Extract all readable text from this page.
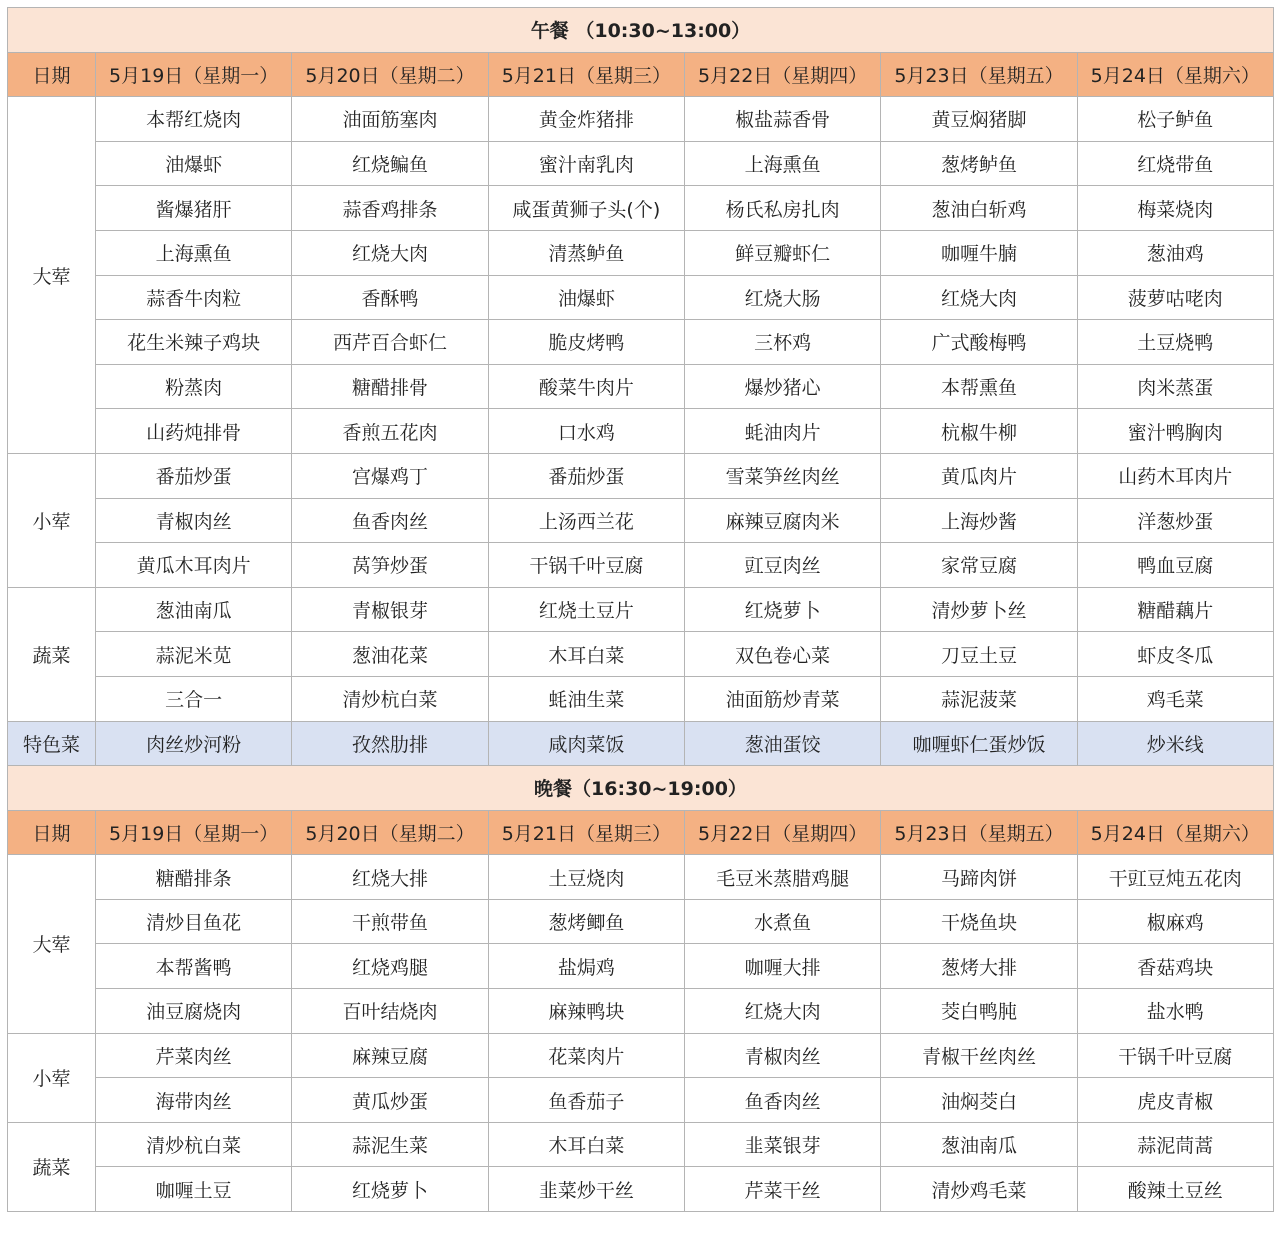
午餐 （10:30~13:00）						
日期	5月19日（星期一）	5月20日（星期二）	5月21日（星期三）	5月22日（星期四）	5月23日（星期五）	5月24日（星期六）
大荤	本帮红烧肉	油面筋塞肉	黄金炸猪排	椒盐蒜香骨	黄豆焖猪脚	松子鲈鱼
	油爆虾	红烧鳊鱼	蜜汁南乳肉	上海熏鱼	葱烤鲈鱼	红烧带鱼
	酱爆猪肝	蒜香鸡排条	咸蛋黄狮子头(个)	杨氏私房扎肉	葱油白斩鸡	梅菜烧肉
	上海熏鱼	红烧大肉	清蒸鲈鱼	鲜豆瓣虾仁	咖喱牛腩	葱油鸡
	蒜香牛肉粒	香酥鸭	油爆虾	红烧大肠	红烧大肉	菠萝咕咾肉
	花生米辣子鸡块	西芹百合虾仁	脆皮烤鸭	三杯鸡	广式酸梅鸭	土豆烧鸭
	粉蒸肉	糖醋排骨	酸菜牛肉片	爆炒猪心	本帮熏鱼	肉米蒸蛋
	山药炖排骨	香煎五花肉	口水鸡	蚝油肉片	杭椒牛柳	蜜汁鸭胸肉
小荤	番茄炒蛋	宫爆鸡丁	番茄炒蛋	雪菜笋丝肉丝	黄瓜肉片	山药木耳肉片
	青椒肉丝	鱼香肉丝	上汤西兰花	麻辣豆腐肉米	上海炒酱	洋葱炒蛋
	黄瓜木耳肉片	莴笋炒蛋	干锅千叶豆腐	豇豆肉丝	家常豆腐	鸭血豆腐
蔬菜	葱油南瓜	青椒银芽	红烧土豆片	红烧萝卜	清炒萝卜丝	糖醋藕片
	蒜泥米苋	葱油花菜	木耳白菜	双色卷心菜	刀豆土豆	虾皮冬瓜
	三合一	清炒杭白菜	蚝油生菜	油面筋炒青菜	蒜泥菠菜	鸡毛菜
特色菜	肉丝炒河粉	孜然肋排	咸肉菜饭	葱油蛋饺	咖喱虾仁蛋炒饭	炒米线
晚餐（16:30~19:00）						
日期	5月19日（星期一）	5月20日（星期二）	5月21日（星期三）	5月22日（星期四）	5月23日（星期五）	5月24日（星期六）
大荤	糖醋排条	红烧大排	土豆烧肉	毛豆米蒸腊鸡腿	马蹄肉饼	干豇豆炖五花肉
	清炒目鱼花	干煎带鱼	葱烤鲫鱼	水煮鱼	干烧鱼块	椒麻鸡
	本帮酱鸭	红烧鸡腿	盐焗鸡	咖喱大排	葱烤大排	香菇鸡块
	油豆腐烧肉	百叶结烧肉	麻辣鸭块	红烧大肉	茭白鸭肫	盐水鸭
小荤	芹菜肉丝	麻辣豆腐	花菜肉片	青椒肉丝	青椒干丝肉丝	干锅千叶豆腐
	海带肉丝	黄瓜炒蛋	鱼香茄子	鱼香肉丝	油焖茭白	虎皮青椒
蔬菜	清炒杭白菜	蒜泥生菜	木耳白菜	韭菜银芽	葱油南瓜	蒜泥茼蒿
	咖喱土豆	红烧萝卜	韭菜炒干丝	芹菜干丝	清炒鸡毛菜	酸辣土豆丝
